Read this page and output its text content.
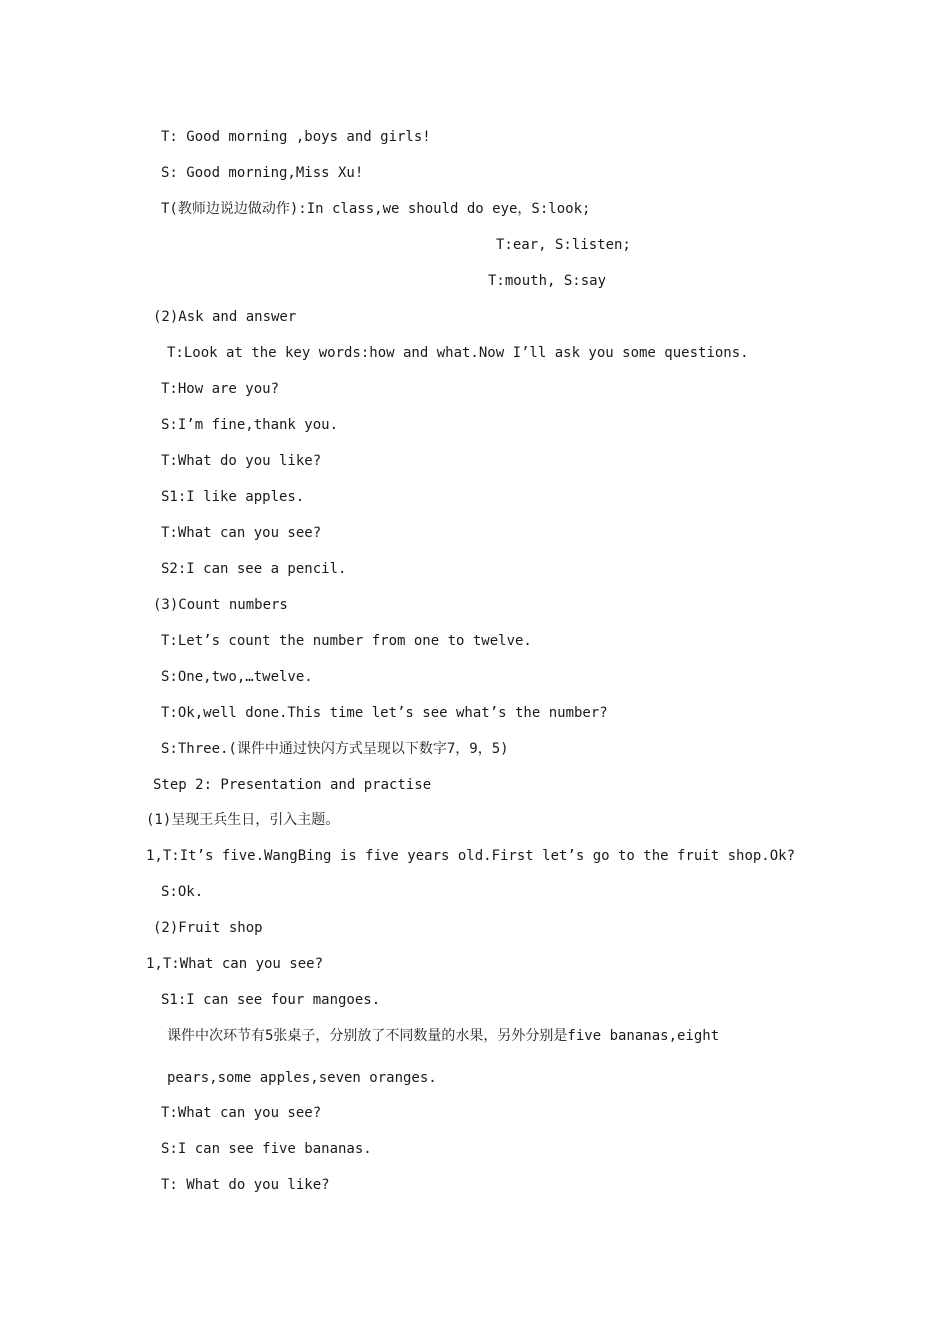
T: Good morning ,boys and girls!
S: Good morning,Miss Xu!
T(教师边说边做动作):In class,we should do eye，S:look;
T:ear, S:listen;
T:mouth, S:say
(2)Ask and answer
T:Look at the key words:how and what.Now I’ll ask you some questions.
T:How are you?
S:I’m fine,thank you.
T:What do you like?
S1:I like apples.
T:What can you see?
S2:I can see a pencil.
(3)Count numbers
T:Let’s count the number from one to twelve.
S:One,two,…twelve.
T:Ok,well done.This time let’s see what’s the number?
S:Three.(课件中通过快闪方式呈现以下数字7，9，5)
Step 2: Presentation and practise
(1)呈现王兵生日，引入主题。
1,T:It’s five.WangBing is five years old.First let’s go to the fruit shop.Ok?
S:Ok.
(2)Fruit shop
1,T:What can you see?
S1:I can see four mangoes.
课件中次环节有5张桌子，分别放了不同数量的水果，另外分别是five bananas,eight
pears,some apples,seven oranges.
T:What can you see?
S:I can see five bananas.
T: What do you like?
